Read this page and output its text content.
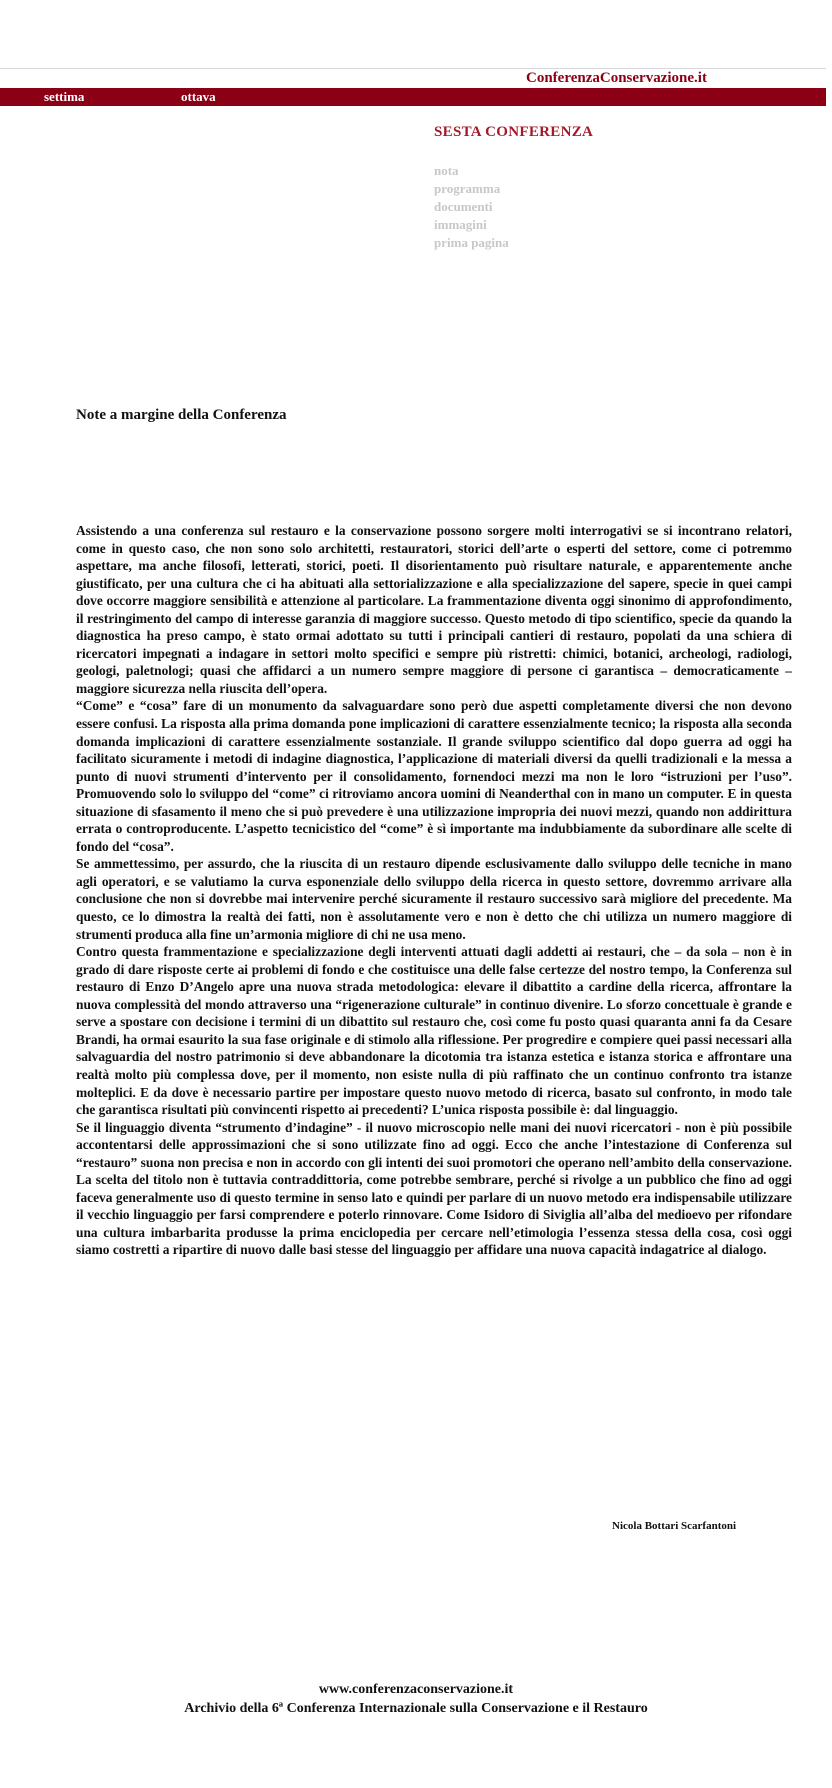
ConferenzaConservazione.it
settima	ottava
SESTA CONFERENZA
nota
programma
documenti
immagini
prima pagina
Note a margine della Conferenza

Assistendo a una conferenza sul restauro e la conservazione possono sorgere molti interrogativi se si incontrano relatori, come in questo caso, che non sono solo architetti, restauratori, storici dell’arte o esperti del settore, come ci potremmo aspettare, ma anche filosofi, letterati, storici, poeti. Il disorientamento può risultare naturale, e apparentemente anche giustificato, per una cultura che ci ha abituati alla settorializzazione e alla specializzazione del sapere, specie in quei campi dove occorre maggiore sensibilità e attenzione al particolare. La frammentazione diventa oggi sinonimo di approfondimento, il restringimento del campo di interesse garanzia di maggiore successo. Questo metodo di tipo scientifico, specie da quando la diagnostica ha preso campo, è stato ormai adottato su tutti i principali cantieri di restauro, popolati da una schiera di ricercatori impegnati a indagare in settori molto specifici e sempre più ristretti: chimici, botanici, archeologi, radiologi, geologi, paletnologi; quasi che affidarci a un numero sempre maggiore di persone ci garantisca – democraticamente – maggiore sicurezza nella riuscita dell’opera.

“Come” e “cosa” fare di un monumento da salvaguardare sono però due aspetti completamente diversi che non devono essere confusi. La risposta alla prima domanda pone implicazioni di carattere essenzialmente tecnico; la risposta alla seconda domanda implicazioni di carattere essenzialmente sostanziale. Il grande sviluppo scientifico dal dopo guerra ad oggi ha facilitato sicuramente i metodi di indagine diagnostica, l’applicazione di materiali diversi da quelli tradizionali e la messa a punto di nuovi strumenti d’intervento per il consolidamento, fornendoci mezzi ma non le loro “istruzioni per l’uso”. Promuovendo solo lo sviluppo del “come” ci ritroviamo ancora uomini di Neanderthal con in mano un computer. E in questa situazione di sfasamento il meno che si può prevedere è una utilizzazione impropria dei nuovi mezzi, quando non addirittura errata o controproducente. L’aspetto tecnicistico del “come” è sì importante ma indubbiamente da subordinare alle scelte di fondo del “cosa”.

Se ammettessimo, per assurdo, che la riuscita di un restauro dipende esclusivamente dallo sviluppo delle tecniche in mano agli operatori, e se valutiamo la curva esponenziale dello sviluppo della ricerca in questo settore, dovremmo arrivare alla conclusione che non si dovrebbe mai intervenire perché sicuramente il restauro successivo sarà migliore del precedente. Ma questo, ce lo dimostra la realtà dei fatti, non è assolutamente vero e non è detto che chi utilizza un numero maggiore di strumenti produca alla fine un’armonia migliore di chi ne usa meno.

Contro questa frammentazione e specializzazione degli interventi attuati dagli addetti ai restauri, che – da sola – non è in grado di dare risposte certe ai problemi di fondo e che costituisce una delle false certezze del nostro tempo, la Conferenza sul restauro di Enzo D’Angelo apre una nuova strada metodologica: elevare il dibattito a cardine della ricerca, affrontare la nuova complessità del mondo attraverso una “rigenerazione culturale” in continuo divenire. Lo sforzo concettuale è grande e serve a spostare con decisione i termini di un dibattito sul restauro che, così come fu posto quasi quaranta anni fa da Cesare Brandi, ha ormai esaurito la sua fase originale e di stimolo alla riflessione. Per progredire e compiere quei passi necessari alla salvaguardia del nostro patrimonio si deve abbandonare la dicotomia tra istanza estetica e istanza storica e affrontare una realtà molto più complessa dove, per il momento, non esiste nulla di più raffinato che un continuo confronto tra istanze molteplici. E da dove è necessario partire per impostare questo nuovo metodo di ricerca, basato sul confronto, in modo tale che garantisca risultati più convincenti rispetto ai precedenti? L’unica risposta possibile è: dal linguaggio.

Se il linguaggio diventa “strumento d’indagine” - il nuovo microscopio nelle mani dei nuovi ricercatori - non è più possibile accontentarsi delle approssimazioni che si sono utilizzate fino ad oggi. Ecco che anche l’intestazione di Conferenza sul “restauro” suona non precisa e non in accordo con gli intenti dei suoi promotori che operano nell’ambito della conservazione. La scelta del titolo non è tuttavia contraddittoria, come potrebbe sembrare, perché si rivolge a un pubblico che fino ad oggi faceva generalmente uso di questo termine in senso lato e quindi per parlare di un nuovo metodo era indispensabile utilizzare il vecchio linguaggio per farsi comprendere e poterlo rinnovare. Come Isidoro di Siviglia all’alba del medioevo per rifondare una cultura imbarbarita produsse la prima enciclopedia per cercare nell’etimologia l’essenza stessa della cosa, così oggi siamo costretti a ripartire di nuovo dalle basi stesse del linguaggio per affidare una nuova capacità indagatrice al dialogo.

Nicola Bottari Scarfantoni
www.conferenzaconservazione.it
Archivio della 6ª Conferenza Internazionale sulla Conservazione e il Restauro
